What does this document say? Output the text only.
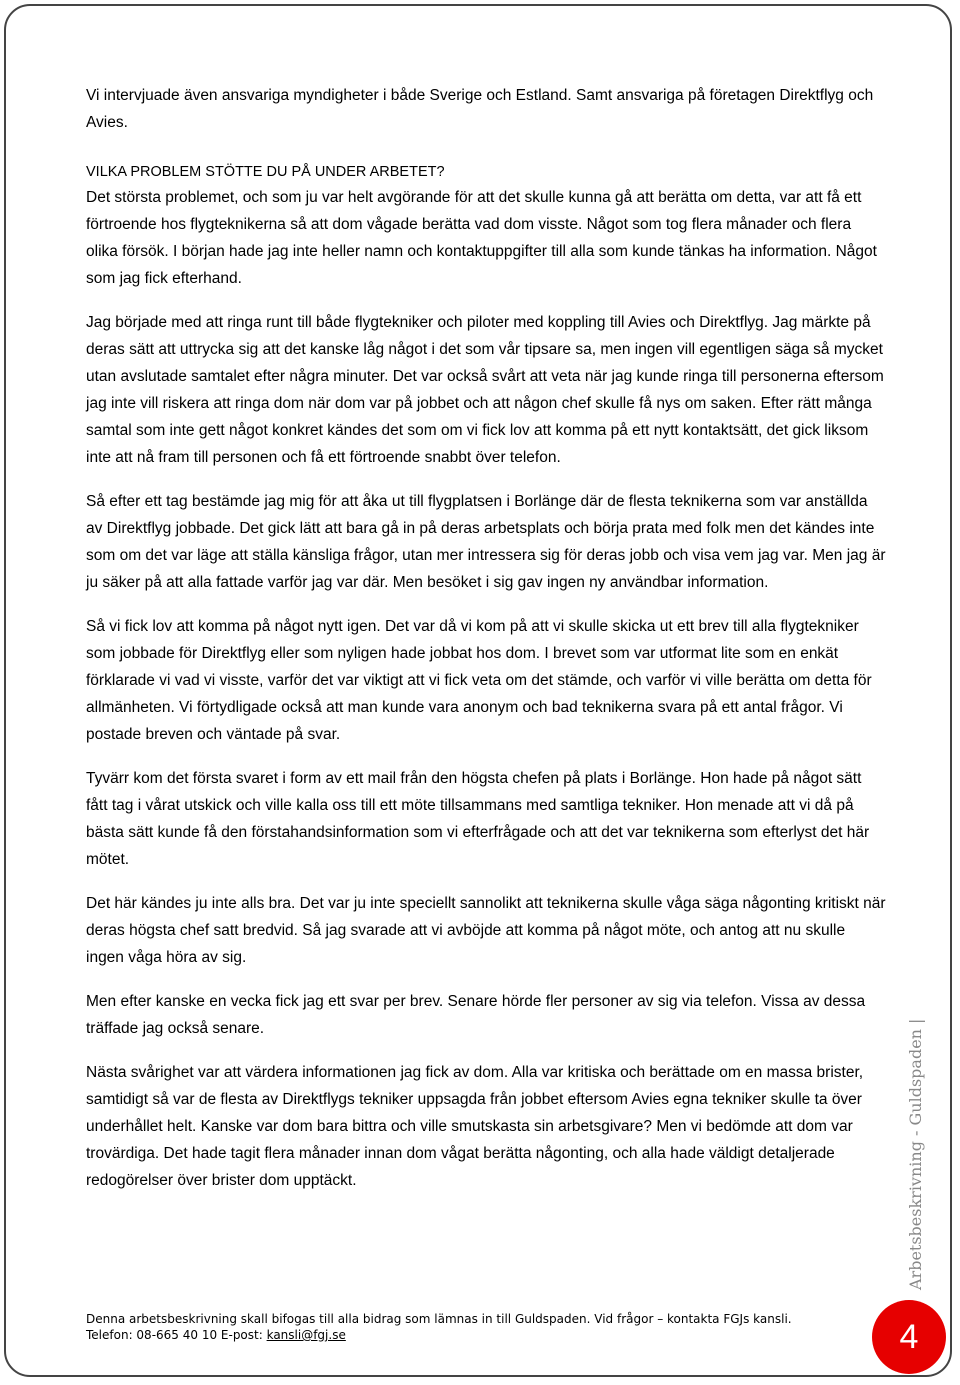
Vi intervjuade även ansvariga myndigheter i både Sverige och Estland. Samt ansvariga på företagen Direktflyg och Avies.

VILKA PROBLEM STÖTTE DU PÅ UNDER ARBETET?

Det största problemet, och som ju var helt avgörande för att det skulle kunna gå att berätta om detta, var att få ett förtroende hos flygteknikerna så att dom vågade berätta vad dom visste. Något som tog flera månader och flera olika försök. I början hade jag inte heller namn och kontaktuppgifter till alla som kunde tänkas ha information. Något som jag fick efterhand.

Jag började med att ringa runt till både flygtekniker och piloter med koppling till Avies och Direktflyg. Jag märkte på deras sätt att uttrycka sig att det kanske låg något i det som vår tipsare sa, men ingen vill egentligen säga så mycket utan avslutade samtalet efter några minuter. Det var också svårt att veta när jag kunde ringa till personerna eftersom jag inte vill riskera att ringa dom när dom var på jobbet och att någon chef skulle få nys om saken. Efter rätt många samtal som inte gett något konkret kändes det som om vi fick lov att komma på ett nytt kontaktsätt, det gick liksom inte att nå fram till personen och få ett förtroende snabbt över telefon.

Så efter ett tag bestämde jag mig för att åka ut till flygplatsen i Borlänge där de flesta teknikerna som var anställda av Direktflyg jobbade. Det gick lätt att bara gå in på deras arbetsplats och börja prata med folk men det kändes inte som om det var läge att ställa känsliga frågor, utan mer intressera sig för deras jobb och visa vem jag var. Men jag är ju säker på att alla fattade varför jag var där. Men besöket i sig gav ingen ny användbar information.

Så vi fick lov att komma på något nytt igen. Det var då vi kom på att vi skulle skicka ut ett brev till alla flygtekniker som jobbade för Direktflyg eller som nyligen hade jobbat hos dom. I brevet som var utformat lite som en enkät förklarade vi vad vi visste, varför det var viktigt att vi fick veta om det stämde, och varför vi ville berätta om detta för allmänheten. Vi förtydligade också att man kunde vara anonym och bad teknikerna svara på ett antal frågor. Vi postade breven och väntade på svar.

Tyvärr kom det första svaret i form av ett mail från den högsta chefen på plats i Borlänge. Hon hade på något sätt fått tag i vårat utskick och ville kalla oss till ett möte tillsammans med samtliga tekniker. Hon menade att vi då på bästa sätt kunde få den förstahandsinformation som vi efterfrågade och att det var teknikerna som efterlyst det här mötet.

Det här kändes ju inte alls bra. Det var ju inte speciellt sannolikt att teknikerna skulle våga säga någonting kritiskt när deras högsta chef satt bredvid. Så jag svarade att vi avböjde att komma på något möte, och antog att nu skulle ingen våga höra av sig.

Men efter kanske en vecka fick jag ett svar per brev. Senare hörde fler personer av sig via telefon. Vissa av dessa träffade jag också senare.

Nästa svårighet var att värdera informationen jag fick av dom. Alla var kritiska och berättade om en massa brister, samtidigt så var de flesta av Direktflygs tekniker uppsagda från jobbet eftersom Avies egna tekniker skulle ta över underhållet helt. Kanske var dom bara bittra och ville smutskasta sin arbetsgivare? Men vi bedömde att dom var trovärdiga. Det hade tagit flera månader innan dom vågat berätta någonting, och alla hade väldigt detaljerade redogörelser över brister dom upptäckt.

Denna arbetsbeskrivning skall bifogas till alla bidrag som lämnas in till Guldspaden. Vid frågor – kontakta FGJs kansli.
Telefon: 08-665 40 10 E-post: kansli@fgj.se
Arbetsbeskrivning - Guldspaden |
4
